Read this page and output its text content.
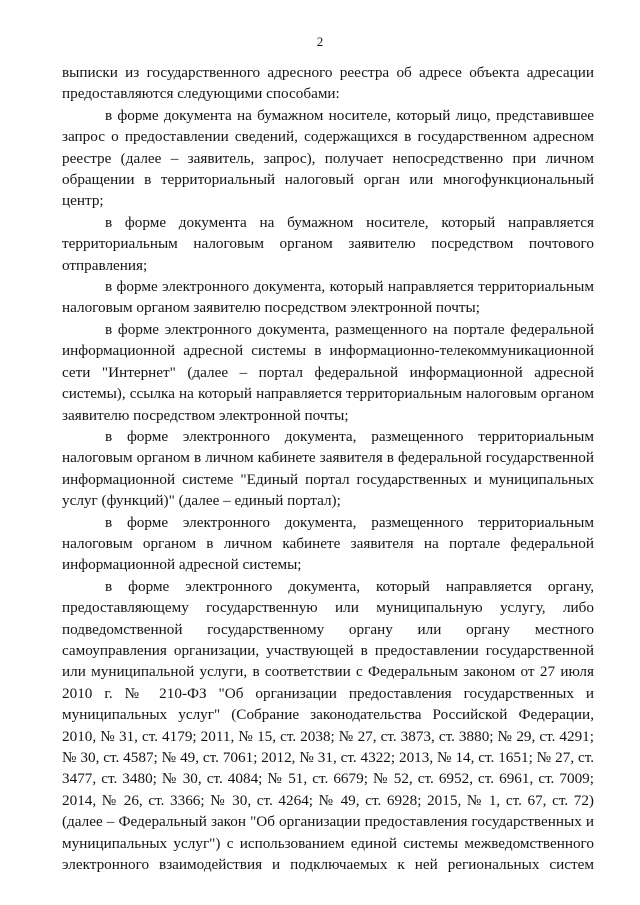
2

выписки из государственного адресного реестра об адресе объекта адресации предоставляются следующими способами:

в форме документа на бумажном носителе, который лицо, представившее запрос о предоставлении сведений, содержащихся в государственном адресном реестре (далее – заявитель, запрос), получает непосредственно при личном обращении в территориальный налоговый орган или многофункциональный центр;

в форме документа на бумажном носителе, который направляется территориальным налоговым органом заявителю посредством почтового отправления;

в форме электронного документа, который направляется территориальным налоговым органом заявителю посредством электронной почты;

в форме электронного документа, размещенного на портале федеральной информационной адресной системы в информационно-телекоммуникационной сети "Интернет" (далее – портал федеральной информационной адресной системы), ссылка на который направляется территориальным налоговым органом заявителю посредством электронной почты;

в форме электронного документа, размещенного территориальным налоговым органом в личном кабинете заявителя в федеральной государственной информационной системе "Единый портал государственных и муниципальных услуг (функций)" (далее – единый портал);

в форме электронного документа, размещенного территориальным налоговым органом в личном кабинете заявителя на портале федеральной информационной адресной системы;

в форме электронного документа, который направляется органу, предоставляющему государственную или муниципальную услугу, либо подведомственной государственному органу или органу местного самоуправления организации, участвующей в предоставлении государственной или муниципальной услуги, в соответствии с Федеральным законом от 27 июля 2010 г. № 210-ФЗ "Об организации предоставления государственных и муниципальных услуг" (Собрание законодательства Российской Федерации, 2010, № 31, ст. 4179; 2011, № 15, ст. 2038; № 27, ст. 3873, ст. 3880; № 29, ст. 4291; № 30, ст. 4587; № 49, ст. 7061; 2012, № 31, ст. 4322; 2013, № 14, ст. 1651; № 27, ст. 3477, ст. 3480; № 30, ст. 4084; № 51, ст. 6679; № 52, ст. 6952, ст. 6961, ст. 7009; 2014, № 26, ст. 3366; № 30, ст. 4264; № 49, ст. 6928; 2015, № 1, ст. 67, ст. 72) (далее – Федеральный закон "Об организации предоставления государственных и муниципальных услуг") с использованием единой системы межведомственного электронного взаимодействия и подключаемых к ней региональных систем
